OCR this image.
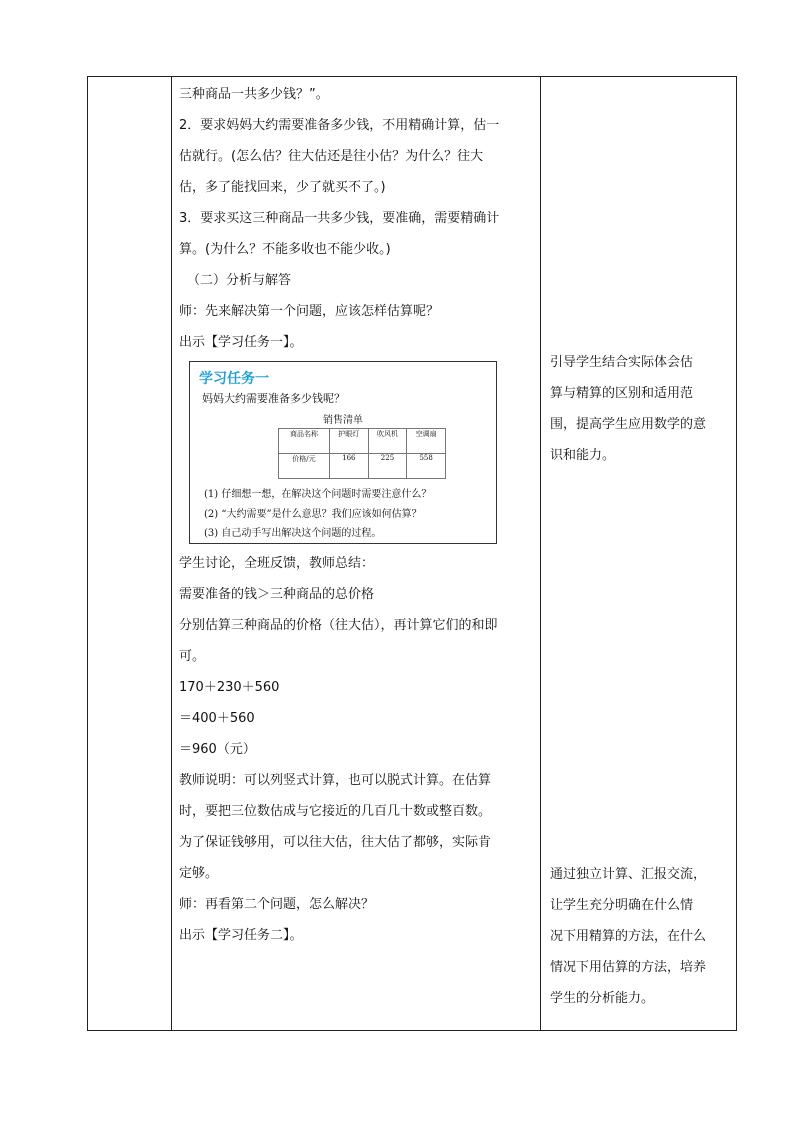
三种商品一共多少钱？”。

2．要求妈妈大约需要准备多少钱，不用精确计算，估一

估就行。(怎么估？往大估还是往小估？为什么？往大

估，多了能找回来，少了就买不了。)

3．要求买这三种商品一共多少钱，要准确，需要精确计

算。(为什么？不能多收也不能少收。)

（二）分析与解答

师：先来解决第一个问题，应该怎样估算呢？

出示【学习任务一】。

学习任务一
妈妈大约需要准备多少钱呢？
销售清单
商品名称	护眼灯	吹风机	空调扇
价格/元	166	225	558
(1) 仔细想一想，在解决这个问题时需要注意什么？
(2) “大约需要”是什么意思？我们应该如何估算？
(3) 自己动手写出解决这个问题的过程。

学生讨论，全班反馈，教师总结：

需要准备的钱＞三种商品的总价格

分别估算三种商品的价格（往大估），再计算它们的和即

可。

170＋230＋560

＝400＋560

＝960（元）

教师说明：可以列竖式计算，也可以脱式计算。在估算

时，要把三位数估成与它接近的几百几十数或整百数。

为了保证钱够用，可以往大估，往大估了都够，实际肯

定够。

师：再看第二个问题，怎么解决？

出示【学习任务二】。

引导学生结合实际体会估

算与精算的区别和适用范

围，提高学生应用数学的意

识和能力。

通过独立计算、汇报交流，

让学生充分明确在什么情

况下用精算的方法，在什么

情况下用估算的方法，培养

学生的分析能力。
